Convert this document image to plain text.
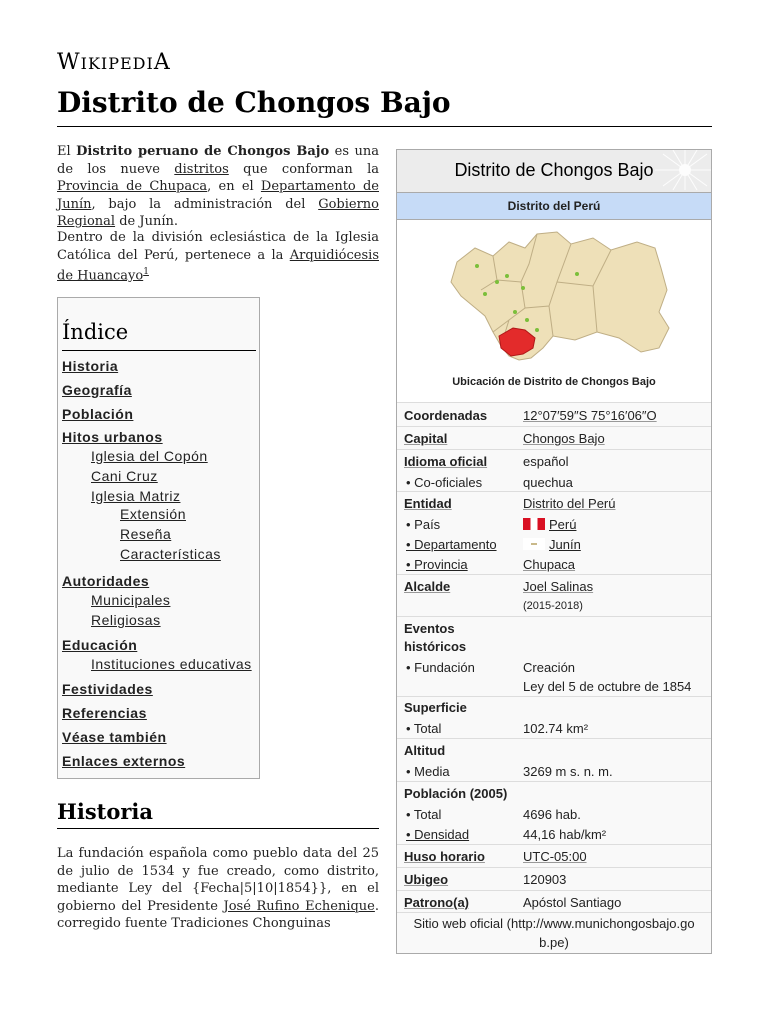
WIKIPEDIA
Distrito de Chongos Bajo

El Distrito peruano de Chongos Bajo es una de los nueve distritos que conforman la Provincia de Chupaca, en el Departamento de Junín, bajo la administración del Gobierno Regional de Junín.

Dentro de la división eclesiástica de la Iglesia Católica del Perú, pertenece a la Arquidiócesis de Huancayo$^1$

Índice
Historia
Geografía
Población
Hitos urbanos
Iglesia del Copón
Cani Cruz
Iglesia Matriz
Extensión
Reseña
Características
Autoridades
Municipales
Religiosas
Educación
Instituciones educativas
Festividades
Referencias
Véase también
Enlaces externos
Historia

La fundación española como pueblo data del 25 de julio de 1534 y fue creado, como distrito, mediante Ley del {Fecha|5|10|1854}}, en el gobierno del Presidente José Rufino Echenique. corregido fuente Tradiciones Chonguinas

Distrito de Chongos Bajo
Distrito del Perú
Ubicación de Distrito de Chongos Bajo
Coordenadas	12°07′59″S 75°16′06″O
Capital	Chongos Bajo
Idioma oficial	español
• Co-oficiales	quechua
Entidad	Distrito del Perú
• País	Perú
• Departamento	Junín
• Provincia	Chupaca
Alcalde	Joel Salinas
(2015-2018)
Eventos
históricos
• Fundación	Creación
Ley del 5 de octubre de 1854
Superficie
• Total	102.74 km²
Altitud
• Media	3269 m s. n. m.
Población (2005)
• Total	4696 hab.
• Densidad	44,16 hab/km²
Huso horario	UTC-05:00
Ubigeo	120903
Patrono(a)	Apóstol Santiago
Sitio web oficial (http://www.munichongosbajo.go
b.pe)
